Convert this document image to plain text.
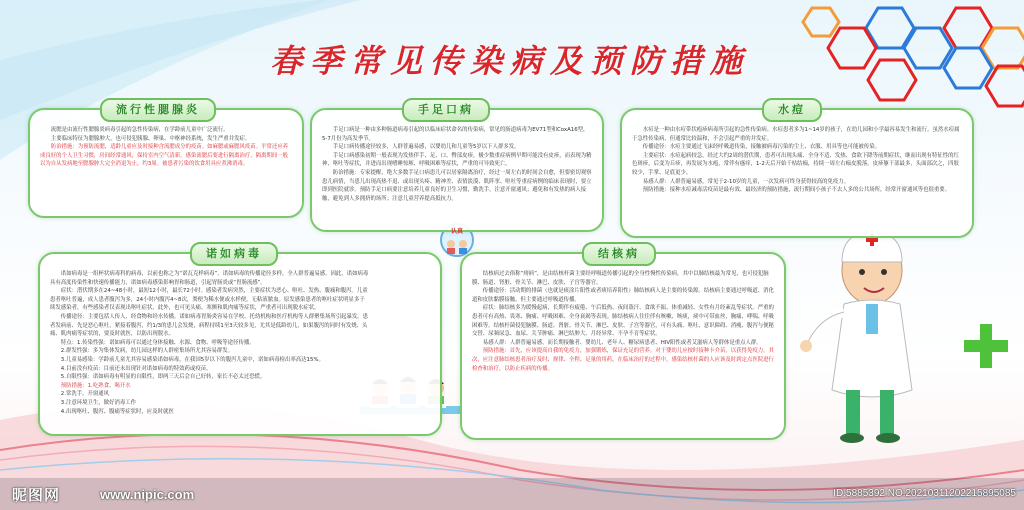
春季常见传染病及预防措施
流行性腮腺炎

流腮是由流行性腮腺炎病毒引起的急性传染病，在学龄前儿童中广泛流行。

主要临床特征为腮腺肿大，也可侵犯胰腺、卵巢、中枢神经系统，发生严重并发症。

防治措施：为预防流腮，适龄儿童应及时接种含流腮成分的疫苗。如麻腮或麻腮风疫苗。平常还应养成良好的个人卫生习惯，房间经常通风，保持室内空气清新。感染流腮后要进行隔离治疗，隔离期间一般以为自从发病地至腮腺肿大完全消退为止，约3周。被患者污染的饮食用具应煮沸消毒。

手足口病

手足口病是一种由多种肠道病毒引起的以临床症状命名的传染病，常见的肠道病毒为EV71型和CoxA16型，5-7月份为高发季节。

手足口病传播途径较多，人群普遍易感，以婴幼儿和儿童等5岁以下人群多发。

手足口病感染初期一般表现为发热伴手、足、口、臀部皮疹，极少数重症病例早期可能没有皮疹，而表现为精神、呕吐等症状，并进而出现嗜睡惊厥、呼吸困难等症状，严重的可导致死亡。

防治措施：专家提醒，绝大多数手足口病患儿可以居家隔离治疗，经过一周左右的时间会自愈，但要密切观察患儿病情，当患儿出现高热不退、或出现头疼、精神差、表情淡漠、肌阵挛、呕吐等重症病例的临床表现时，要立即到医院就诊。预防手足口病要注意培养儿童良好的卫生习惯，勤洗手，注意开窗通风；避免和有发热的病人接触，避免到人多拥挤的场所；注意儿童营养提高抵抗力。

水痘

水痘是一种由水痘带状疱疹病毒所引起的急性传染病。水痘患者多为1~14岁的孩子，在幼儿园和小学最容易发生和流行。虽然水痘属于急性传染病，但通常比较温和，不会引起严重的并发症。

传播途径：水痘主要通过飞沫经呼吸道传染，接触被病毒污染的尘土、衣服、用具等也可能被传染。

主要症状：水痘起病较急，经过大约2周的潜伏期，患者可出现头痛、全身不适、发热、食欲下降等前期症状，继而出现有特征性的红色斑疹，后变为丘疹，再发展为水疱，常伴有瘙痒，1-2天后开始干枯结痂，持续一周左右痂皮脱落。皮疹躯干部最多，头面部次之，四肢较少，手掌、足底更少。

易感人群：人群普遍易感，常见于2-10岁的儿童，一次发病可终身获得较高的免疫力。

预防措施：接种水痘减毒活疫苗是最有效、最经济的预防措施，流行期间小孩子不去人多的公共场所，经常开窗通风等也很重要。

诺如病毒

诺如病毒是一组杯状病毒科的病毒，以前也称之为“诺瓦克样病毒”。诺如病毒的传播途径多样，全人群普遍易感。因此，诺如病毒具有高度传染性和快速传播能力，诺如病毒感染影响胃和肠道，引起胃肠炎或“胃肠流感”。

症状：潜伏期多在24~48小时，最短12小时，最长72小时。感染者发病突然，主要症状为恶心、呕吐、发热、腹痛和腹泻。儿童患者呕吐普遍，成人患者腹泻为多，24小时内腹泻4~8次，粪便为稀水便或水样便，无粘液脓血。原发感染患者的呕吐症状明显多于续发感染者，有些感染者仅表现出呕吐症状，此外，也可见头痛、寒颤和肌肉痛等症状，严重者可出现脱水症状。

传播途径：主要包括人传人、经食物和经水传播。诺如病毒胃肠炎容易在学校、托幼机构和医疗机构等人群聚集场所引起暴发。患者发病前、先是恶心呕吐，紧接着腹泻，约1/3的患儿会发烧，病程持续1至3天较多见，尤其是低龄幼儿，如果腹泻的同时有发烧、头痛、肌肉痛等症状的，要及时就医，以防出现脱水。

特点：1.传染性强：诺如病毒可以通过身体接触、水源、食物、呼吸等途径传播。

2.群发性强：多为集体发病，幼儿园这样的人群密集场所尤其容易群发。

3.儿童易感染：学龄前儿童尤其容易感染诺如病毒，在我国5岁以下的腹泻儿童中，诺如病毒检出率高达15%。

4.目前没有疫苗：目前还未出现针对诺如病毒的特效药或疫苗。

5.自限性强：诺如病毒有明显的自限性，即两三天后会自己好转，家长不必太过恐慌。

预防措施：1.吃熟食，喝开水

2.常洗手，开窗通风

3.注意环境卫生，做好消毒工作

4.出现呕吐、腹泻、腹痛等症状时，应及时就医

结核病

结核病过去俗称“痨病”，是由结核杆菌主要经呼吸道传播引起的全身性慢性传染病，其中以肺结核最为常见，也可侵犯脑膜、肠道、肾脏、骨关节、淋巴、皮肤、子宫等器官。

传播途径：活动期的排菌（也就是痰涂片阳性或者痰培养阳性）肺结核病人是主要的传染源。结核病主要通过呼吸道、消化道和皮肤黏膜接触，但主要通过呼吸道传播。

症状：肺结核多为缓慢起病，长期伴有疲倦、午后低热、夜间盗汗、食欲不振、体重减轻、女性有月经紊乱等症状。严重的患者可有高热、畏寒、胸痛、呼吸困难、全身衰竭等表现。肺结核病人往往伴有咳嗽、咳痰，痰中可带血丝，胸痛、哮喘、呼吸困难等。结核杆菌侵犯脑膜、肠道、肾脏、骨关节、淋巴、皮肤、子宫等器官，可有头痛、呕吐、意识障碍、消瘦、腹泻与便秘交替、尿频尿急、血尿、关节肿痛、淋巴结肿大、月经异常、不孕不育等症状。

易感人群：人群普遍易感，而长期接触者、婴幼儿、老年人、糖尿病患者、HIV阳性或者艾滋病人等群体是重点人群。

预防措施：首先，应该提高自我的免疫力，加强锻炼，保证充足的营养。对于婴幼儿应按时接种卡介苗，以获得免疫力。其次，应注意肺结核患者治疗及时、规律、全程、足量的用药，在临床治疗的过程中，感染结核杆菌的人应该及时到定点医院进行检查和治疗，以防止疾病的传播。

认真
昵图网	www.nipic.com	ID:5885392 NO:20210311202215895085
